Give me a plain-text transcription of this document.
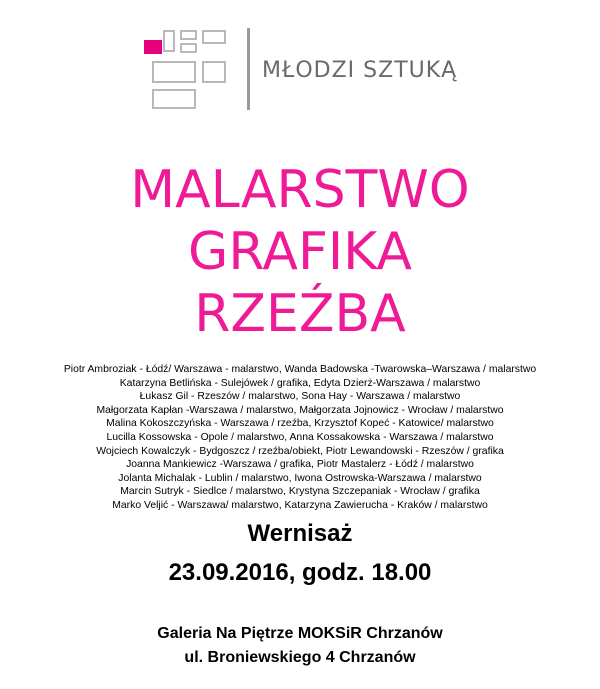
MŁODZI SZTUKĄ
MALARSTWO
GRAFIKA
RZEŹBA
Piotr Ambroziak - Łódź/ Warszawa - malarstwo, Wanda Badowska -Twarowska–Warszawa / malarstwo
Katarzyna Betlińska - Sulejówek / grafika, Edyta Dzierż-Warszawa / malarstwo
Łukasz Gil - Rzeszów / malarstwo, Sona Hay - Warszawa / malarstwo
Małgorzata Kapłan -Warszawa / malarstwo, Małgorzata Jojnowicz - Wrocław / malarstwo
Malina Kokoszczyńska - Warszawa / rzeźba, Krzysztof Kopeć - Katowice/ malarstwo
Lucilla Kossowska - Opole / malarstwo, Anna Kossakowska - Warszawa / malarstwo
Wojciech Kowalczyk - Bydgoszcz / rzeźba/obiekt, Piotr Lewandowski - Rzeszów / grafika
Joanna Mankiewicz -Warszawa / grafika, Piotr Mastalerz - Łódź / malarstwo
Jolanta Michalak - Lublin / malarstwo, Iwona Ostrowska-Warszawa / malarstwo
Marcin Sutryk - Siedlce / malarstwo, Krystyna Szczepaniak - Wrocław / grafika
Marko Veljić - Warszawa/ malarstwo, Katarzyna Zawierucha - Kraków / malarstwo
Wernisaż
23.09.2016, godz. 18.00
Galeria Na Piętrze MOKSiR Chrzanów
ul. Broniewskiego 4 Chrzanów
